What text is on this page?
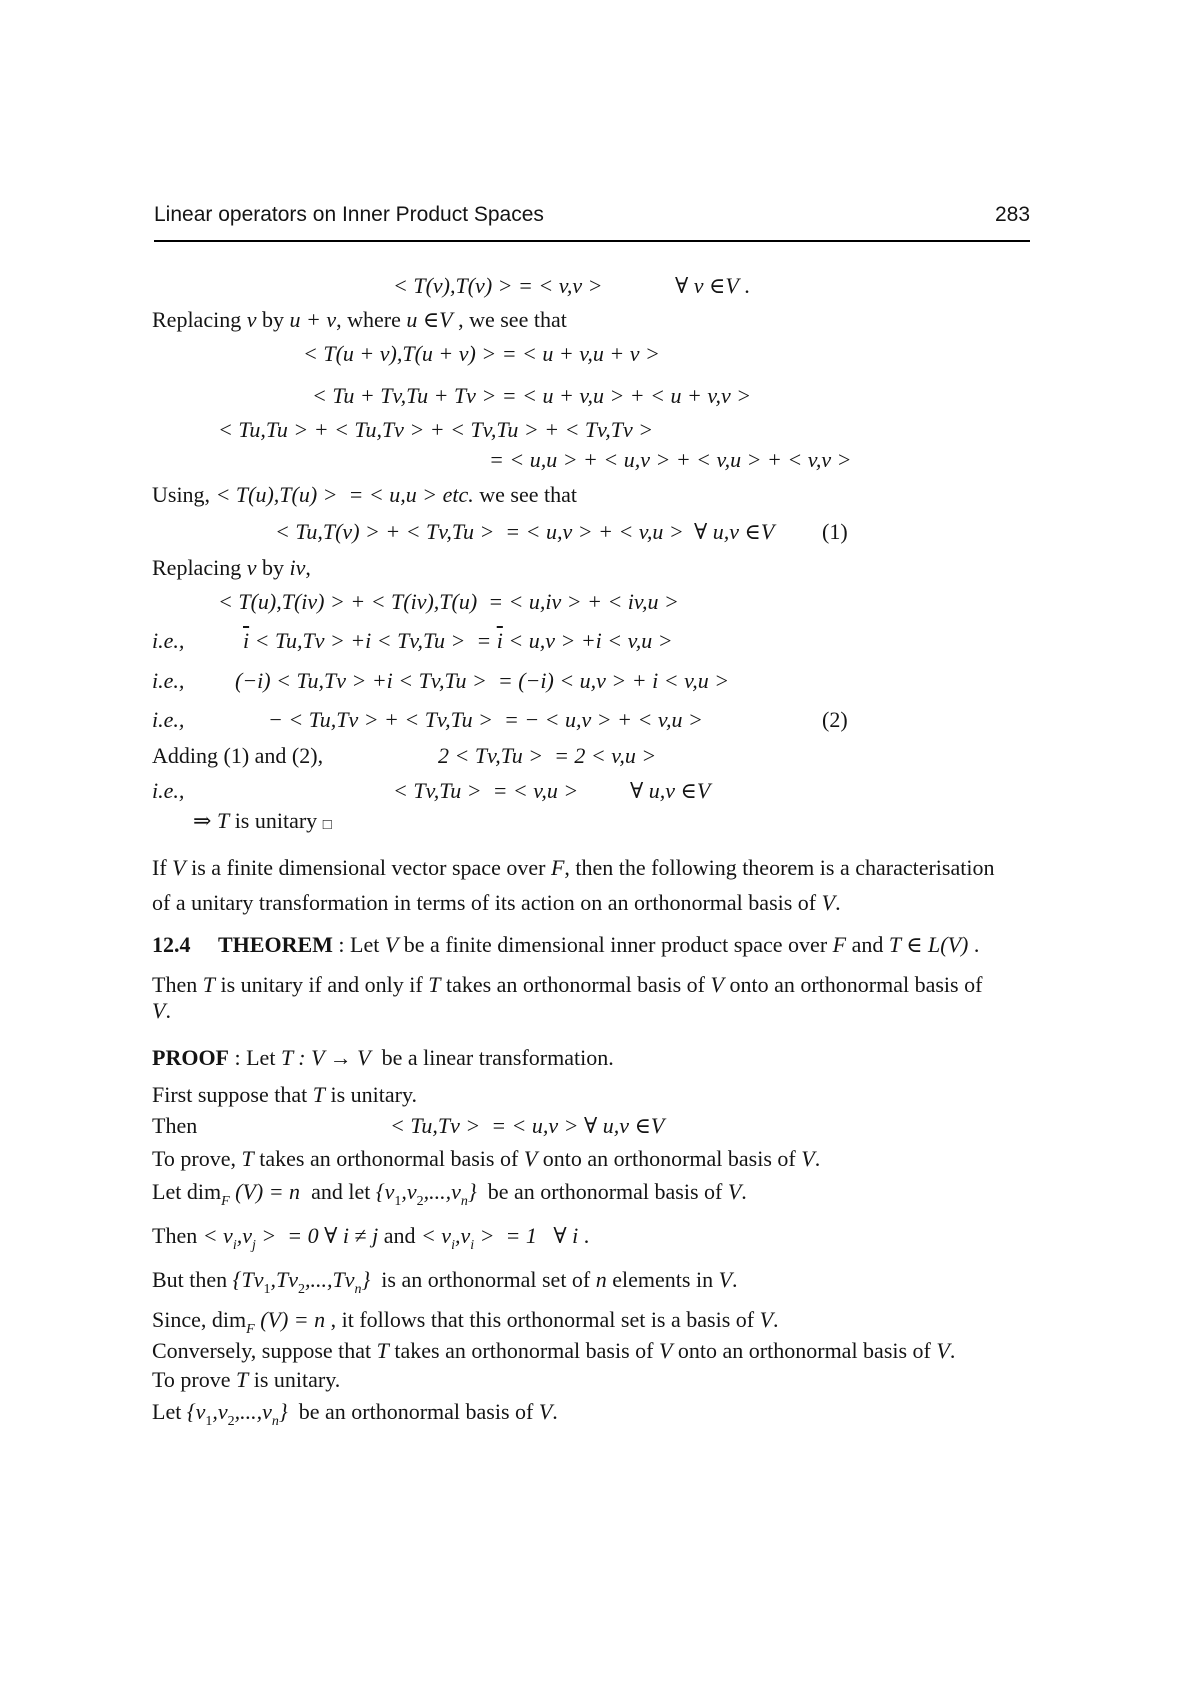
Linear operators on Inner Product Spaces	283
< T(v),T(v) > = < v,v >	∀ v ∈V .
Replacing v by u + v, where u ∈V , we see that
< T(u + v),T(u + v) > = < u + v,u + v >
< Tu + Tv,Tu + Tv > = < u + v,u > + < u + v,v >
< Tu,Tu > + < Tu,Tv > + < Tv,Tu > + < Tv,Tv >
= < u,u > + < u,v > + < v,u > + < v,v >
Using, < T(u),T(u) >  = < u,u > etc. we see that
< Tu,T(v) > + < Tv,Tu >  = < u,v > + < v,u > ∀ u,v ∈V (1)
Replacing v by iv,
< T(u),T(iv) > + < T(iv),T(u)  = < u,iv > + < iv,u >
i.e.,	$\overline{i} < Tu,Tv > +i < Tv,Tu$ >  = $\overline{i} < u,v > +i < v,u$ >
i.e., (−i) < Tu,Tv > +i < Tv,Tu >  = (−i) < u,v > + i < v,u >
i.e.,	− < Tu,Tv > + < Tv,Tu >  = − < u,v > + < v,u >	(2)
Adding (1) and (2),	2 < Tv,Tu >  = 2 < v,u >
i.e.,	< Tv,Tu >  = < v,u > ∀ u,v ∈V
⇒ T is unitary □
If V is a finite dimensional vector space over F, then the following theorem is a characterisation
of a unitary transformation in terms of its action on an orthonormal basis of V.
12.4  THEOREM : Let V be a finite dimensional inner product space over F and T ∈ L(V) .
Then T is unitary if and only if T takes an orthonormal basis of V onto an orthonormal basis of
V.
PROOF : Let T : V → V  be a linear transformation.
First suppose that T is unitary.
Then	< Tu,Tv >  = < u,v > ∀ u,v ∈V
To prove, T takes an orthonormal basis of V onto an orthonormal basis of V.
Let dim$_F$ (V) = n  and let $\{v_1,v_2,...,v_n\}$  be an orthonormal basis of V.
Then < $v_i,v_j$ >  = 0 ∀ i ≠ j and < $v_i,v_i$ >  = 1   ∀ i .
But then $\{Tv_1,Tv_2,...,Tv_n\}$  is an orthonormal set of n elements in V.
Since, dim$_F$ (V) = n , it follows that this orthonormal set is a basis of V.
Conversely, suppose that T takes an orthonormal basis of V onto an orthonormal basis of V.
To prove T is unitary.
Let $\{v_1,v_2,...,v_n\}$  be an orthonormal basis of V.
